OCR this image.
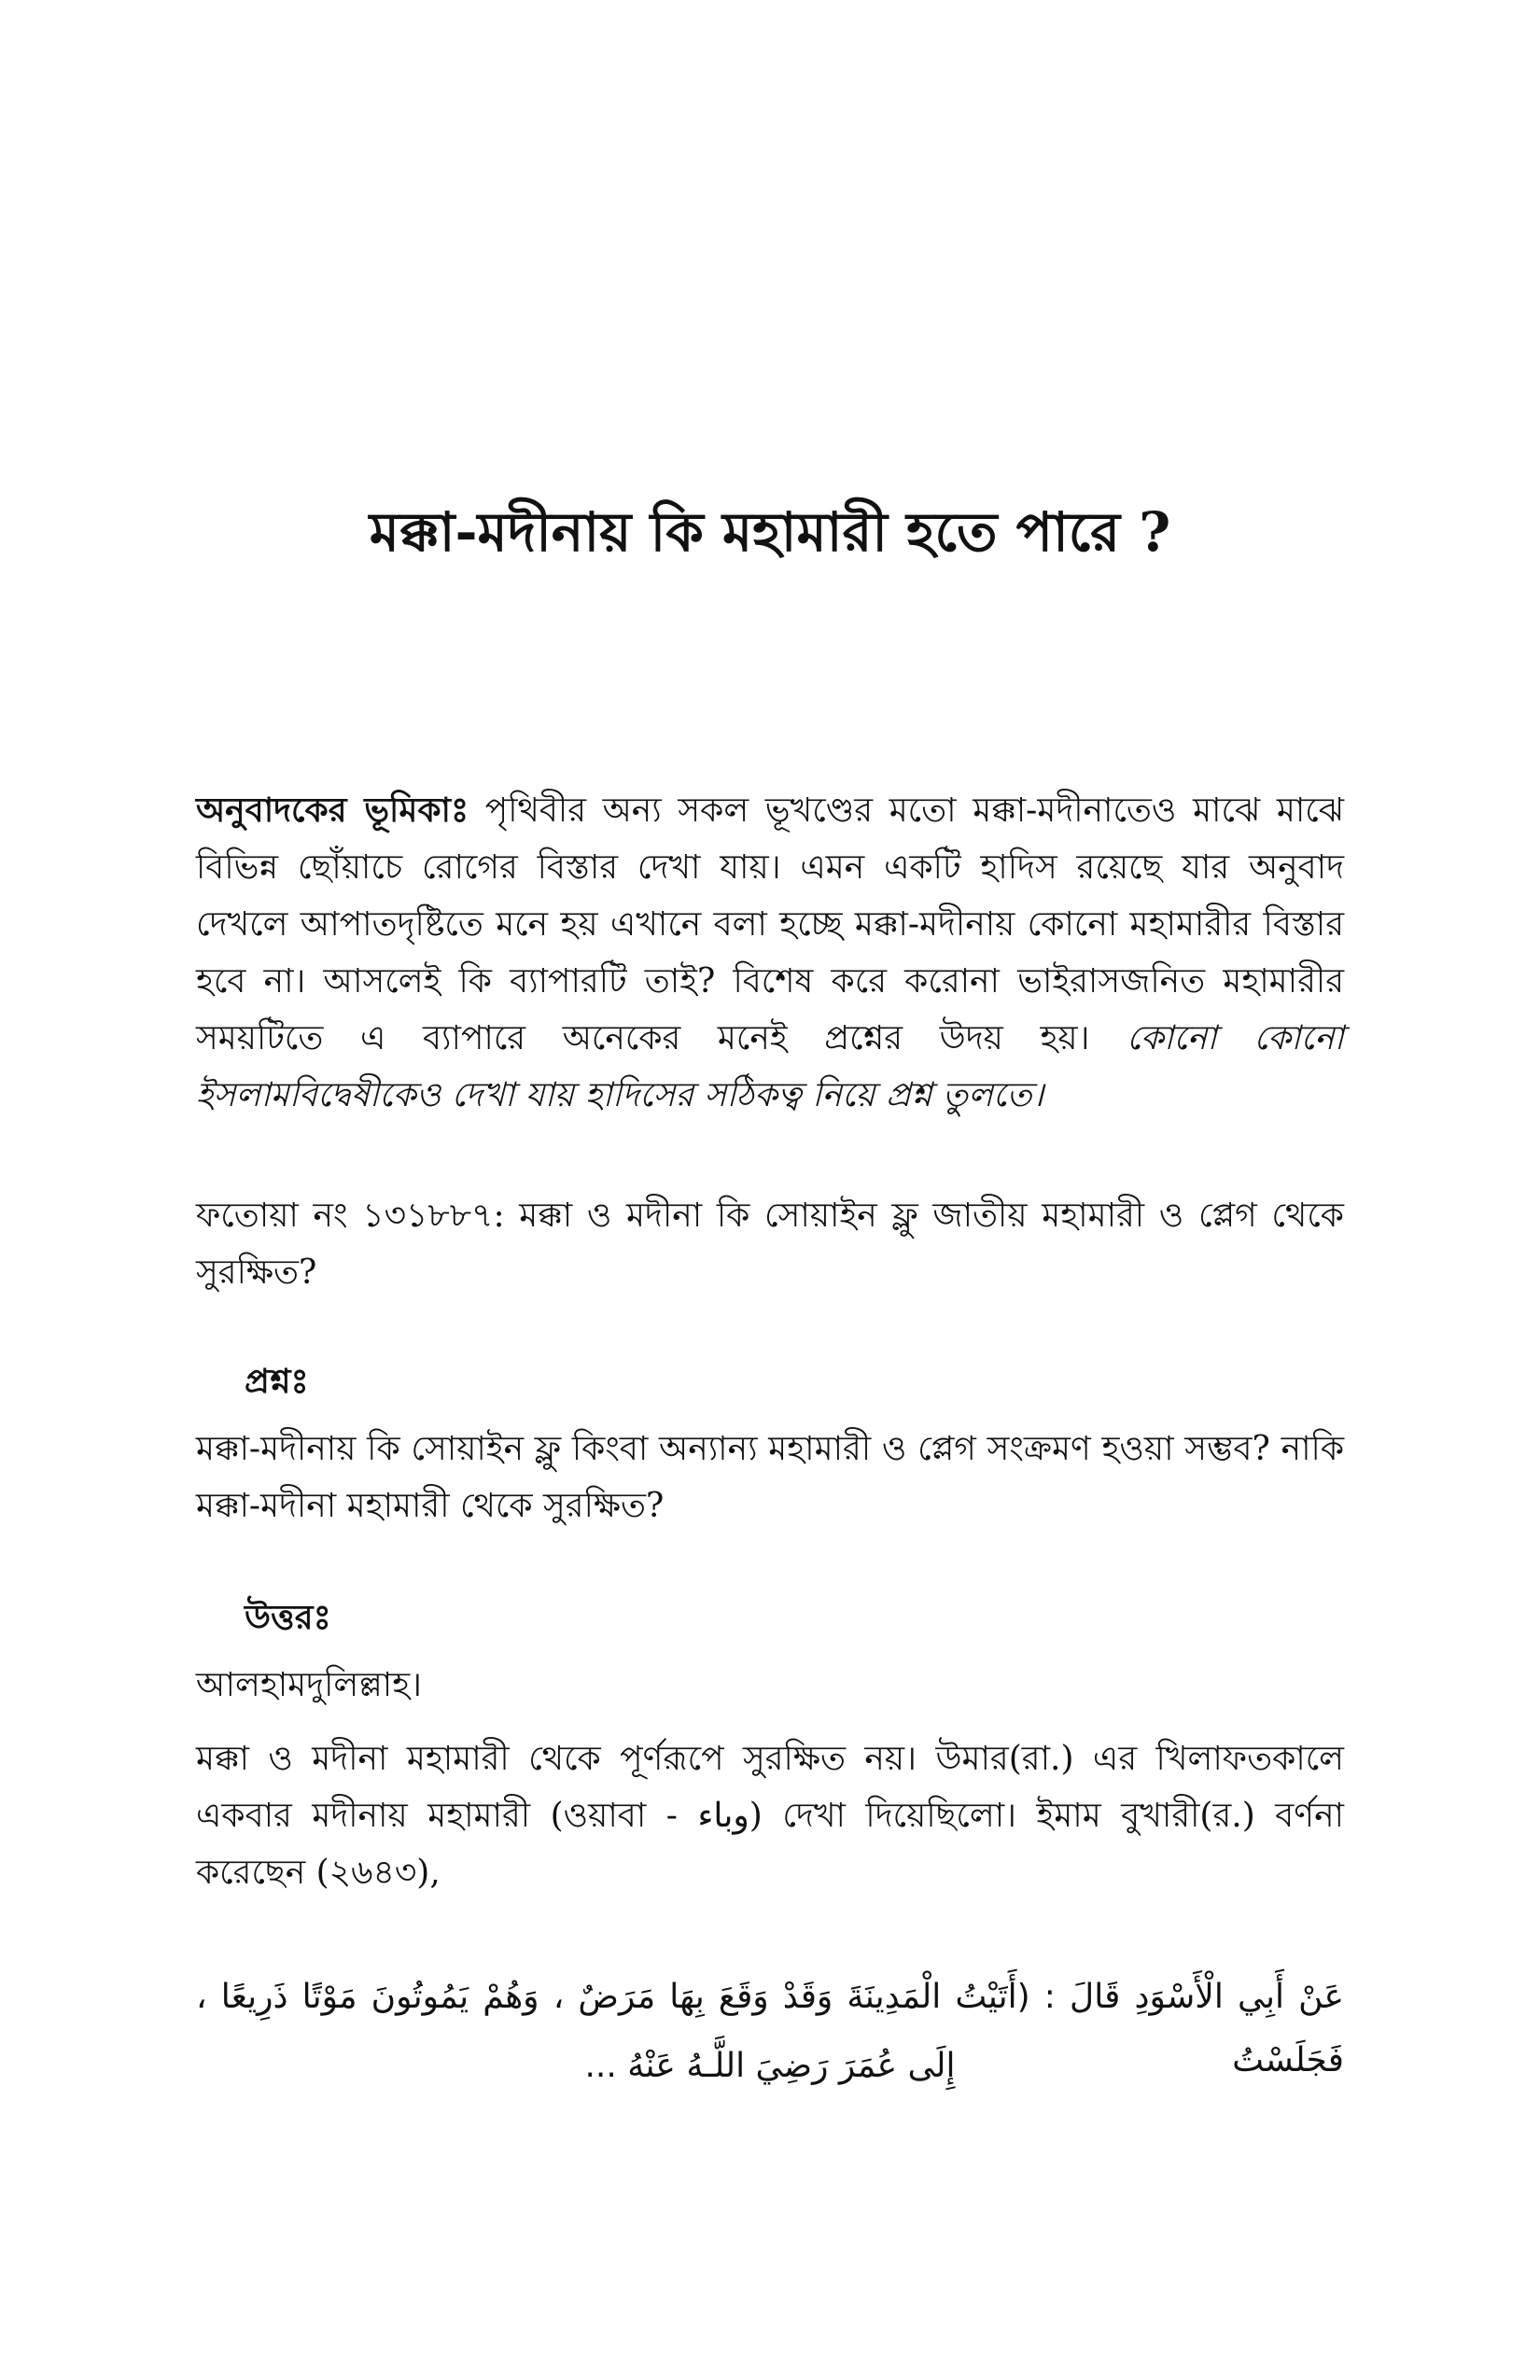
মক্কা-মদীনায় কি মহামারী হতে পারে ?
অনুবাদকের ভূমিকাঃ পৃথিবীর অন্য সকল ভূখণ্ডের মতো মক্কা-মদীনাতেও মাঝে মাঝে বিভিন্ন ছোঁয়াচে রোগের বিস্তার দেখা যায়। এমন একটি হাদিস রয়েছে যার অনুবাদ দেখলে আপাতদৃষ্টিতে মনে হয় এখানে বলা হচ্ছে মক্কা-মদীনায় কোনো মহামারীর বিস্তার হবে না। আসলেই কি ব্যাপারটি তাই? বিশেষ করে করোনা ভাইরাসজনিত মহামারীর সময়টিতে এ ব্যাপারে অনেকের মনেই প্রশ্নের উদয় হয়। কোনো কোনো ইসলামবিদ্বেষীকেও দেখা যায় হাদিসের সঠিকত্ব নিয়ে প্রশ্ন তুলতে।
ফতোয়া নং ১৩১৮৮৭: মক্কা ও মদীনা কি সোয়াইন ফ্লু জাতীয় মহামারী ও প্লেগ থেকে সুরক্ষিত?
প্রশ্নঃ
মক্কা-মদীনায় কি সোয়াইন ফ্লু কিংবা অন্যান্য মহামারী ও প্লেগ সংক্রমণ হওয়া সম্ভব? নাকি মক্কা-মদীনা মহামারী থেকে সুরক্ষিত?
উত্তরঃ
আলহামদুলিল্লাহ।
মক্কা ও মদীনা মহামারী থেকে পূর্ণরূপে সুরক্ষিত নয়। উমার(রা.) এর খিলাফতকালে একবার মদীনায় মহামারী (ওয়াবা - وباء) দেখা দিয়েছিলো। ইমাম বুখারী(র.) বর্ণনা করেছেন (২৬৪৩),
عَنْ أَبِي الْأَسْوَدِ قَالَ : (أَتَيْتُ الْمَدِينَةَ وَقَدْ وَقَعَ بِهَا مَرَضٌ ، وَهُمْ يَمُوتُونَ مَوْتًا ذَرِيعًا ، فَجَلَسْتُ
إِلَى عُمَرَ رَضِيَ اللَّـهُ عَنْهُ ...
